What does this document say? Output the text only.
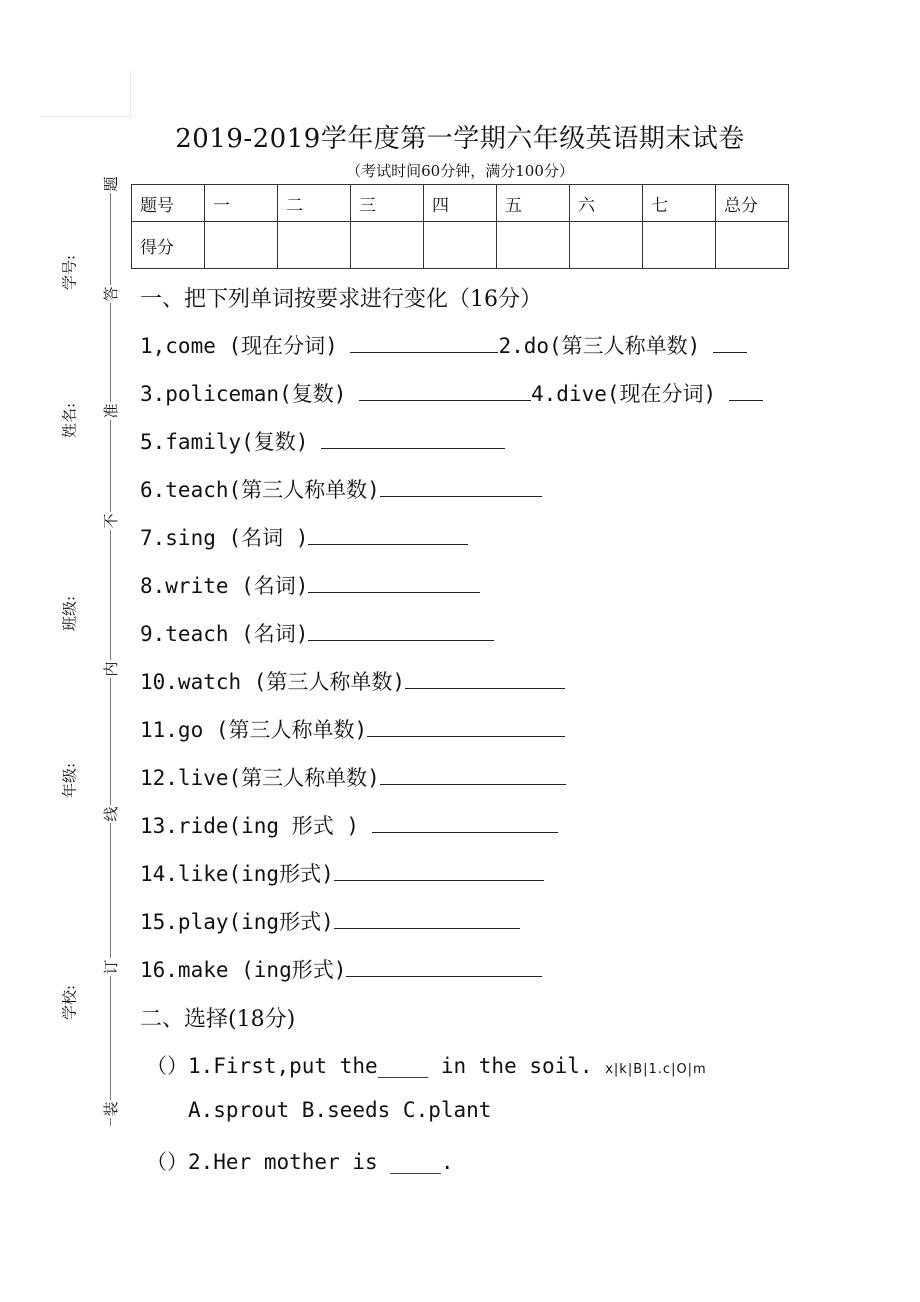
题
答
准
不
内
线
订
装
学号:
姓名:
班级:
年级:
学校:
2019-2019学年度第一学期六年级英语期末试卷
（考试时间60分钟，满分100分）
题号	一	二	三	四	五	六	七	总分
得分								
一、把下列单词按要求进行变化（16分）
1,come (现在分词)	2.do(第三人称单数)
3.policeman(复数)	4.dive(现在分词)
5.family(复数)
6.teach(第三人称单数)
7.sing (名词 )
8.write (名词)
9.teach (名词)
10.watch (第三人称单数)
11.go (第三人称单数)
12.live(第三人称单数)
13.ride(ing 形式 )
14.like(ing形式)
15.play(ing形式)
16.make (ing形式)
二、选择(18分)
（）1.First,put the____ in the soil. x|k|B|1.c|O|m
A.sprout B.seeds C.plant
（）2.Her mother is ____.
